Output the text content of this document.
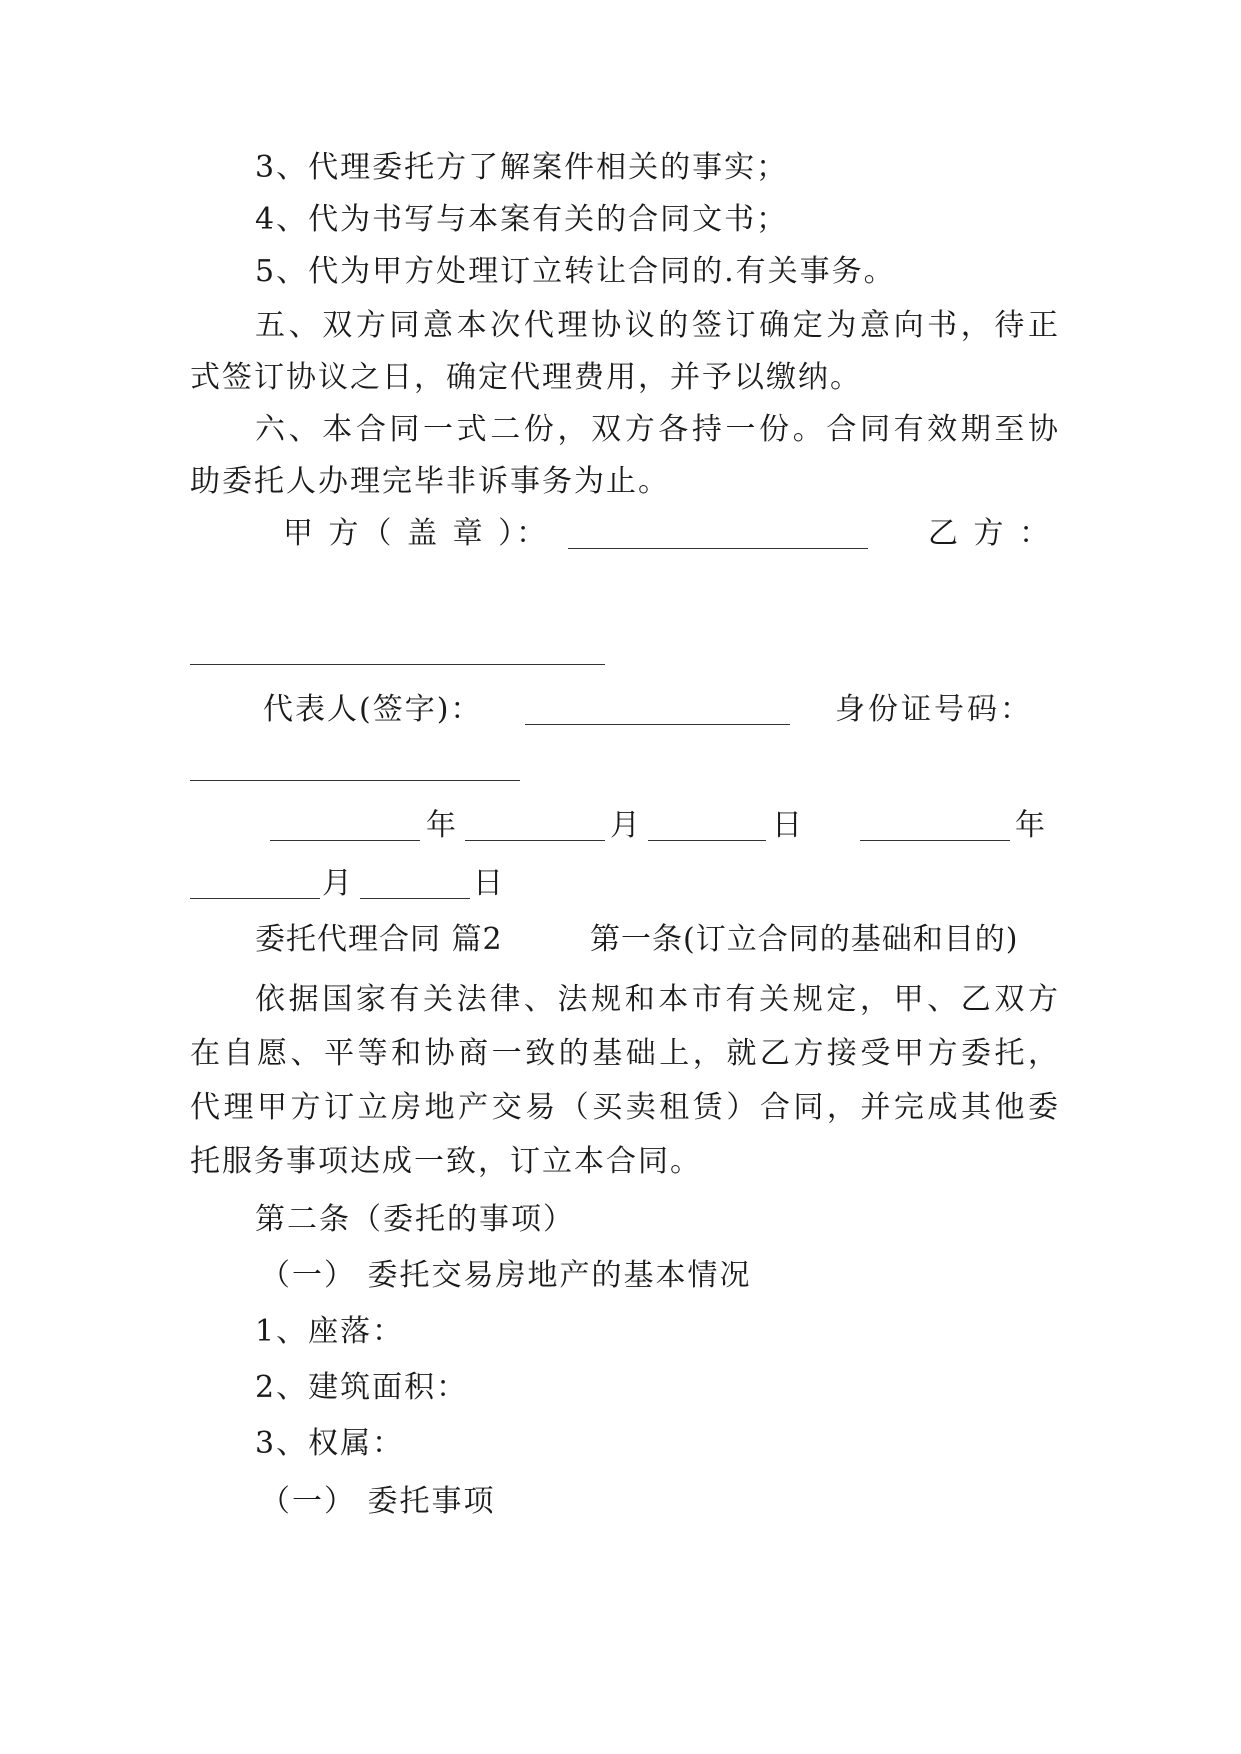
3、代理委托方了解案件相关的事实；
4、代为书写与本案有关的合同文书；
5、代为甲方处理订立转让合同的.有关事务。
五、双方同意本次代理协议的签订确定为意向书，待正
式签订协议之日，确定代理费用，并予以缴纳。
六、本合同一式二份，双方各持一份。合同有效期至协
助委托人办理完毕非诉事务为止。
甲 方（ 盖 章 ）：	乙 方 ：
代表人(签字)：	身份证号码：
年	月	日	年
月	日
委托代理合同 篇2	第一条(订立合同的基础和目的)
依据国家有关法律、法规和本市有关规定，甲、乙双方
在自愿、平等和协商一致的基础上，就乙方接受甲方委托，
代理甲方订立房地产交易（买卖租赁）合同，并完成其他委
托服务事项达成一致，订立本合同。
第二条（委托的事项）
（一） 委托交易房地产的基本情况
1、座落：
2、建筑面积：
3、权属：
（一） 委托事项
